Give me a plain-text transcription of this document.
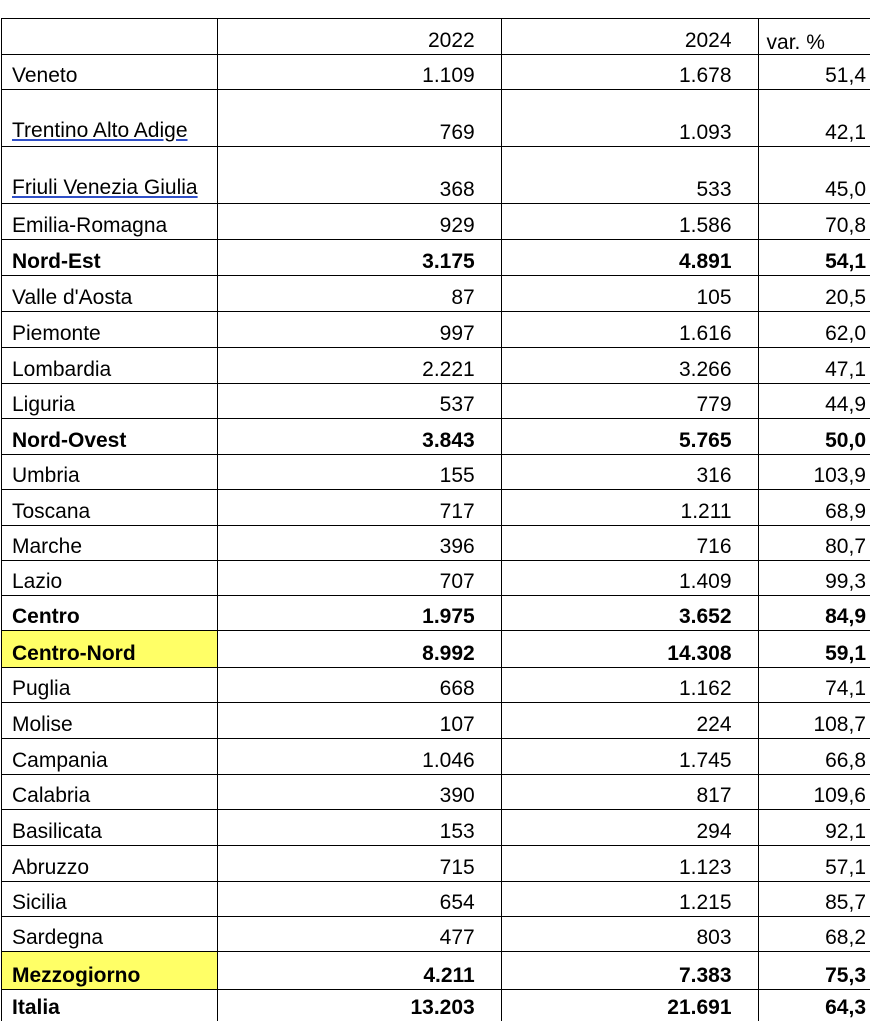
	2022	2024	var. %
Veneto	1.109	1.678	51,4
Trentino Alto Adige	769	1.093	42,1
Friuli Venezia Giulia	368	533	45,0
Emilia-Romagna	929	1.586	70,8
Nord-Est	3.175	4.891	54,1
Valle d'Aosta	87	105	20,5
Piemonte	997	1.616	62,0
Lombardia	2.221	3.266	47,1
Liguria	537	779	44,9
Nord-Ovest	3.843	5.765	50,0
Umbria	155	316	103,9
Toscana	717	1.211	68,9
Marche	396	716	80,7
Lazio	707	1.409	99,3
Centro	1.975	3.652	84,9
Centro-Nord	8.992	14.308	59,1
Puglia	668	1.162	74,1
Molise	107	224	108,7
Campania	1.046	1.745	66,8
Calabria	390	817	109,6
Basilicata	153	294	92,1
Abruzzo	715	1.123	57,1
Sicilia	654	1.215	85,7
Sardegna	477	803	68,2
Mezzogiorno	4.211	7.383	75,3
Italia	13.203	21.691	64,3
